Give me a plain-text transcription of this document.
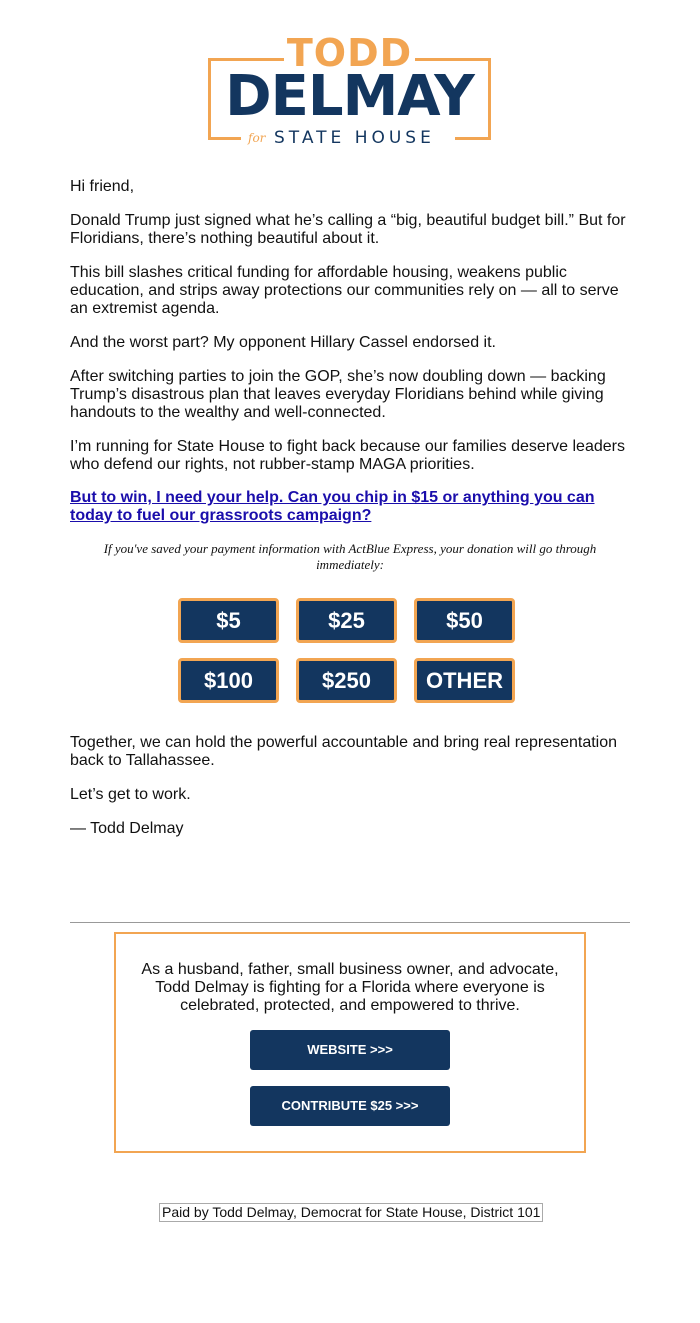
TODD
DELMAY
for STATE HOUSE

Hi friend,

Donald Trump just signed what he’s calling a “big, beautiful budget bill.” But for Floridians, there’s nothing beautiful about it.

This bill slashes critical funding for affordable housing, weakens public education, and strips away protections our communities rely on — all to serve an extremist agenda.

And the worst part? My opponent Hillary Cassel endorsed it.

After switching parties to join the GOP, she’s now doubling down — backing Trump’s disastrous plan that leaves everyday Floridians behind while giving handouts to the wealthy and well-connected.

I’m running for State House to fight back because our families deserve leaders who defend our rights, not rubber-stamp MAGA priorities.

But to win, I need your help. Can you chip in $15 or anything you can today to fuel our grassroots campaign?
If you've saved your payment information with ActBlue Express, your donation will go through immediately:
$5	$25	$50
$100	$250	OTHER

Together, we can hold the powerful accountable and bring real representation back to Tallahassee.

Let’s get to work.

— Todd Delmay

As a husband, father, small business owner, and advocate, Todd Delmay is fighting for a Florida where everyone is celebrated, protected, and empowered to thrive.
WEBSITE >>>
CONTRIBUTE $25 >>>
Paid by Todd Delmay, Democrat for State House, District 101
